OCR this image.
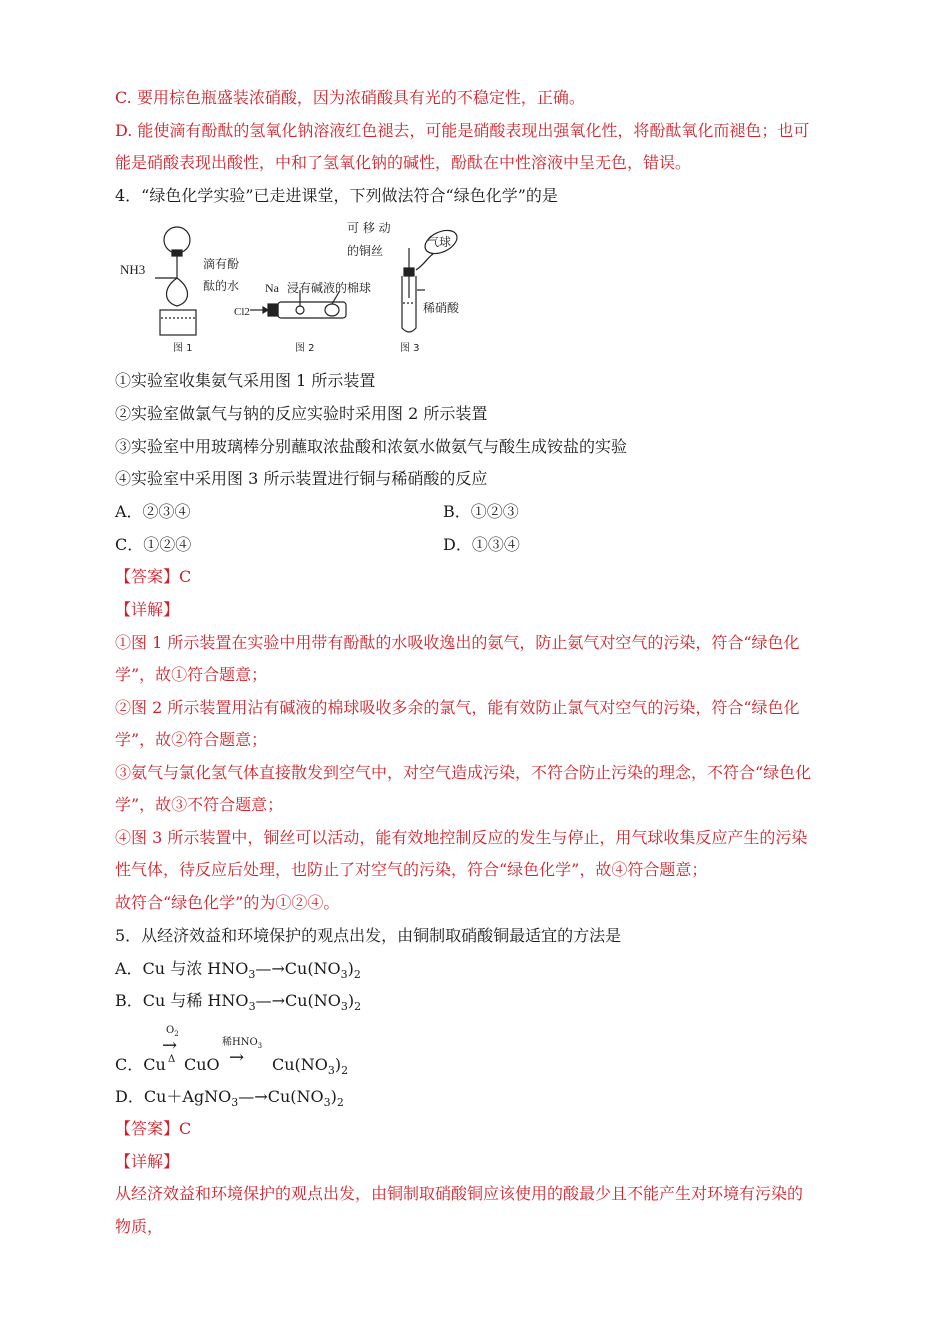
C. 要用棕色瓶盛装浓硝酸，因为浓硝酸具有光的不稳定性，正确。
D. 能使滴有酚酞的氢氧化钠溶液红色褪去，可能是硝酸表现出强氧化性，将酚酞氧化而褪色；也可
能是硝酸表现出酸性，中和了氢氧化钠的碱性，酚酞在中性溶液中呈无色，错误。
4．“绿色化学实验”已走进课堂，下列做法符合“绿色化学”的是
NH3	滴有酚
酞的水 Na
Cl2
浸有碱液的棉球
可 移 动
的铜丝
气球
稀硝酸
图 1	图 2	图 3
①实验室收集氨气采用图 1 所示装置
②实验室做氯气与钠的反应实验时采用图 2 所示装置
③实验室中用玻璃棒分别蘸取浓盐酸和浓氨水做氨气与酸生成铵盐的实验
④实验室中采用图 3 所示装置进行铜与稀硝酸的反应
A．②③④	B．①②③
C．①②④	D．①③④
【答案】C
【详解】
①图 1 所示装置在实验中用带有酚酞的水吸收逸出的氨气，防止氨气对空气的污染，符合“绿色化
学”，故①符合题意；
②图 2 所示装置用沾有碱液的棉球吸收多余的氯气，能有效防止氯气对空气的污染，符合“绿色化
学”，故②符合题意；
③氨气与氯化氢气体直接散发到空气中，对空气造成污染，不符合防止污染的理念，不符合“绿色化
学”，故③不符合题意；
④图 3 所示装置中，铜丝可以活动，能有效地控制反应的发生与停止，用气球收集反应产生的污染
性气体，待反应后处理，也防止了对空气的污染，符合“绿色化学”，故④符合题意；
故符合“绿色化学”的为①②④。
5．从经济效益和环境保护的观点出发，由铜制取硝酸铜最适宜的方法是
A．Cu 与浓 $HNO_3—\to Cu(NO_3)_2$
B．Cu 与稀 $HNO_3—\to Cu(NO_3)_2$
C．Cu
$O_2$
→
Δ CuO
稀$HNO_3$
→ $Cu(NO_3)_2$
D．$Cu+AgNO_3—\to Cu(NO_3)_2$
【答案】C
【详解】
从经济效益和环境保护的观点出发，由铜制取硝酸铜应该使用的酸最少且不能产生对环境有污染的
物质，
